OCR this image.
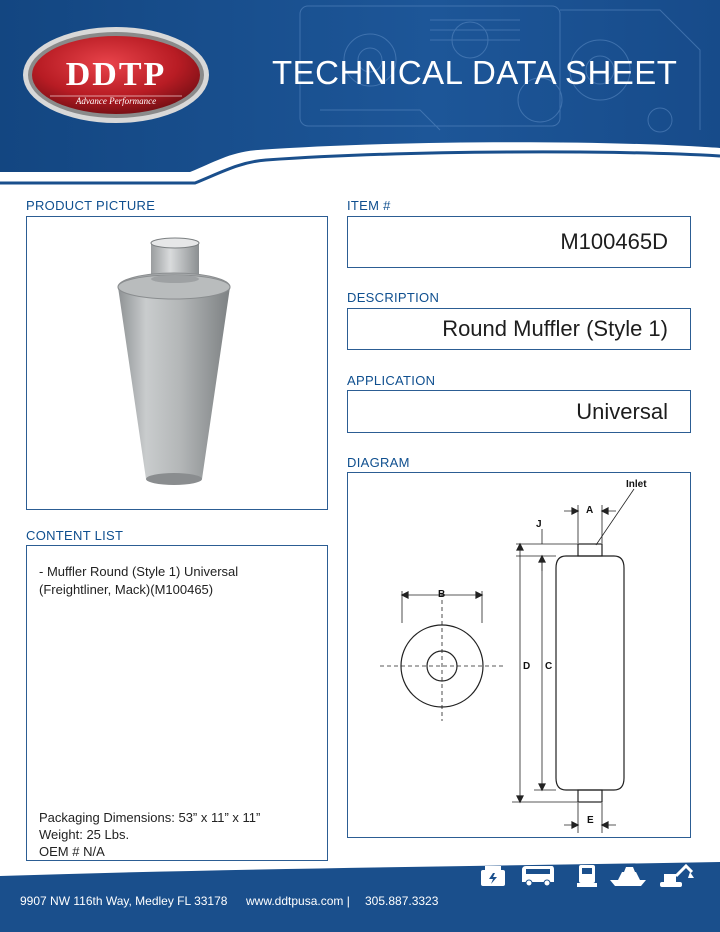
DDTP
Advance Performance
TECHNICAL DATA SHEET
PRODUCT PICTURE	ITEM #
M100465D
DESCRIPTION
Round Muffler (Style 1)
APPLICATION
Universal
DIAGRAM
Inlet
A
B
C
D
E
J
CONTENT LIST
- Muffler Round (Style 1) Universal
(Freightliner, Mack)(M100465)
Packaging Dimensions: 53” x 11” x 11”
Weight: 25 Lbs.
OEM # N/A
9907 NW 116th Way, Medley FL 33178 www.ddtpusa.com | 305.887.3323
